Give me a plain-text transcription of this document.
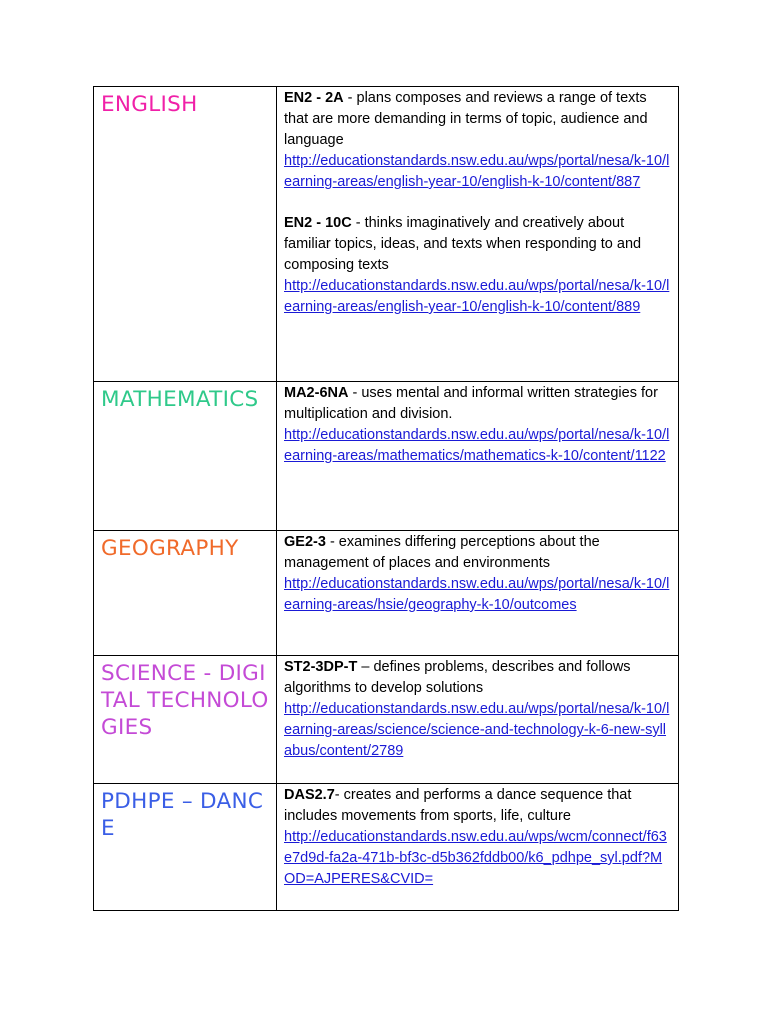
ENGLISH	EN2 - 2A - plans composes and reviews a range of texts that are more demanding in terms of topic, audience and language
http://educationstandards.nsw.edu.au/wps/portal/nesa/k-10/learning-areas/english-year-10/english-k-10/content/887
EN2 - 10C - thinks imaginatively and creatively about familiar topics, ideas, and texts when responding to and composing texts
http://educationstandards.nsw.edu.au/wps/portal/nesa/k-10/learning-areas/english-year-10/english-k-10/content/889

MATHEMATICS	MA2-6NA - uses mental and informal written strategies for multiplication and division.
http://educationstandards.nsw.edu.au/wps/portal/nesa/k-10/learning-areas/mathematics/mathematics-k-10/content/1122

GEOGRAPHY	GE2-3 - examines differing perceptions about the management of places and environments
http://educationstandards.nsw.edu.au/wps/portal/nesa/k-10/learning-areas/hsie/geography-k-10/outcomes

SCIENCE - DIGITAL TECHNOLOGIES	ST2-3DP-T – defines problems, describes and follows algorithms to develop solutions
http://educationstandards.nsw.edu.au/wps/portal/nesa/k-10/learning-areas/science/science-and-technology-k-6-new-syllabus/content/2789

PDHPE – DANCE	DAS2.7- creates and performs a dance sequence that includes movements from sports, life, culture
http://educationstandards.nsw.edu.au/wps/wcm/connect/f63e7d9d-fa2a-471b-bf3c-d5b362fddb00/k6_pdhpe_syl.pdf?MOD=AJPERES&CVID=
